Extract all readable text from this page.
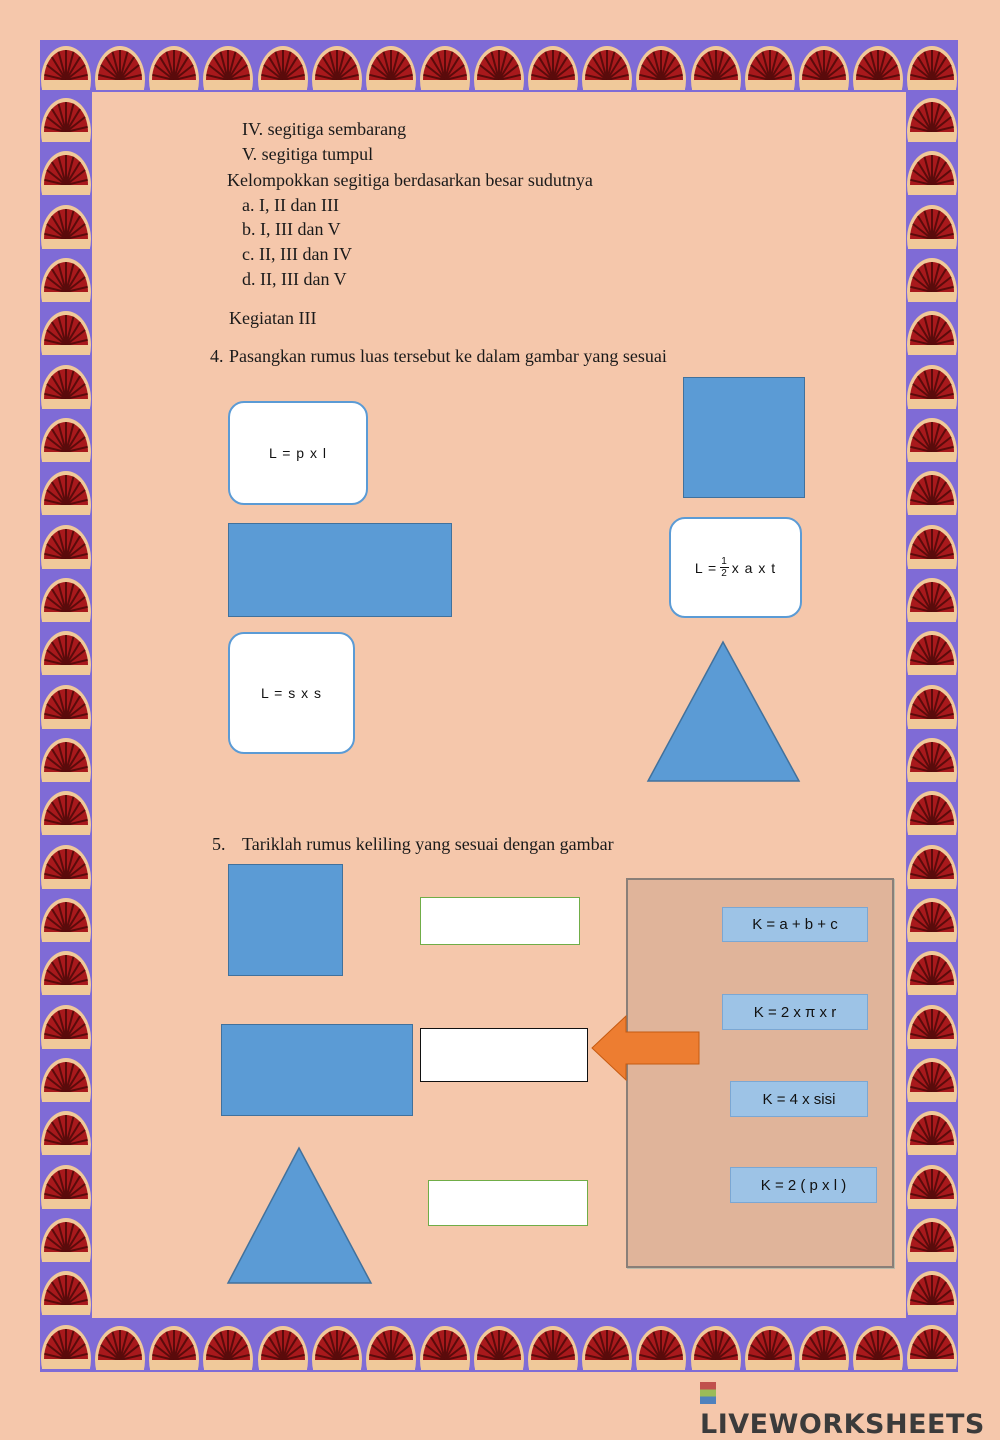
IV. segitiga sembarang
V. segitiga tumpul
Kelompokkan segitiga berdasarkan besar sudutnya
a. I, II dan III
b. I, III dan V
c. II, III dan IV
d. II, III dan V
Kegiatan III
4. Pasangkan rumus luas tersebut ke dalam gambar yang sesuai
L = p x l
$L = \frac{1}{2}$ x a x t
L = s x s
5. Tariklah rumus keliling yang sesuai dengan gambar
K = a + b + c
K = 2 x π x r
K = 4 x sisi
K = 2 ( p x l )
LIVEWORKSHEETS
